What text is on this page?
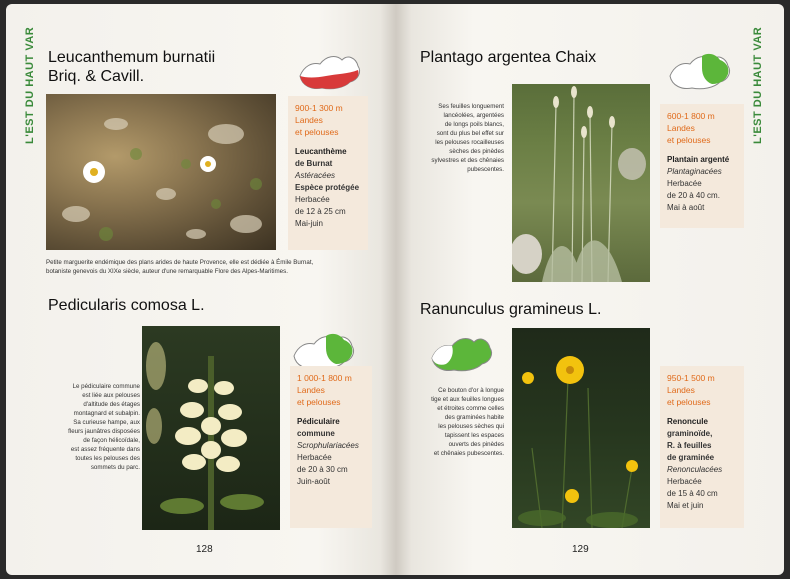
L'EST DU HAUT VAR Leucanthemum burnatii
Briq. & Cavill.
900-1 300 m
Landes
et pelouses
Leucanthème
de Burnat
Astéracées
Espèce protégée
Herbacée
de 12 à 25 cm
Mai-juin
Petite marguerite endémique des plans arides de haute Provence, elle est dédiée à Émile Burnat,
botaniste genevois du XIXe siècle, auteur d'une remarquable Flore des Alpes-Maritimes.
Pedicularis comosa L.
Le pédiculaire commune
est liée aux pelouses
d'altitude des étages
montagnard et subalpin.
Sa curieuse hampe, aux
fleurs jaunâtres disposées
de façon hélicoïdale,
est assez fréquente dans
toutes les pelouses des
sommets du parc.
1 000-1 800 m
Landes
et pelouses
Pédiculaire
commune
Scrophulariacées
Herbacée
de 20 à 30 cm
Juin-août
128
L'EST DU HAUT VAR
Plantago argentea Chaix
Ses feuilles longuement
lancéolées, argentées
de longs poils blancs,
sont du plus bel effet sur
les pelouses rocailleuses
sèches des pinèdes
sylvestres et des chênaies
pubescentes.
600-1 800 m
Landes
et pelouses
Plantain argenté
Plantaginacées
Herbacée
de 20 à 40 cm.
Mai à août
Ranunculus gramineus L.
Ce bouton d'or à longue
tige et aux feuilles longues
et étroites comme celles
des graminées habite
les pelouses sèches qui
tapissent les espaces
ouverts des pinèdes
et chênaies pubescentes.
950-1 500 m
Landes
et pelouses
Renoncule
graminoïde,
R. à feuilles
de graminée
Renonculacées
Herbacée
de 15 à 40 cm
Mai et juin
129
